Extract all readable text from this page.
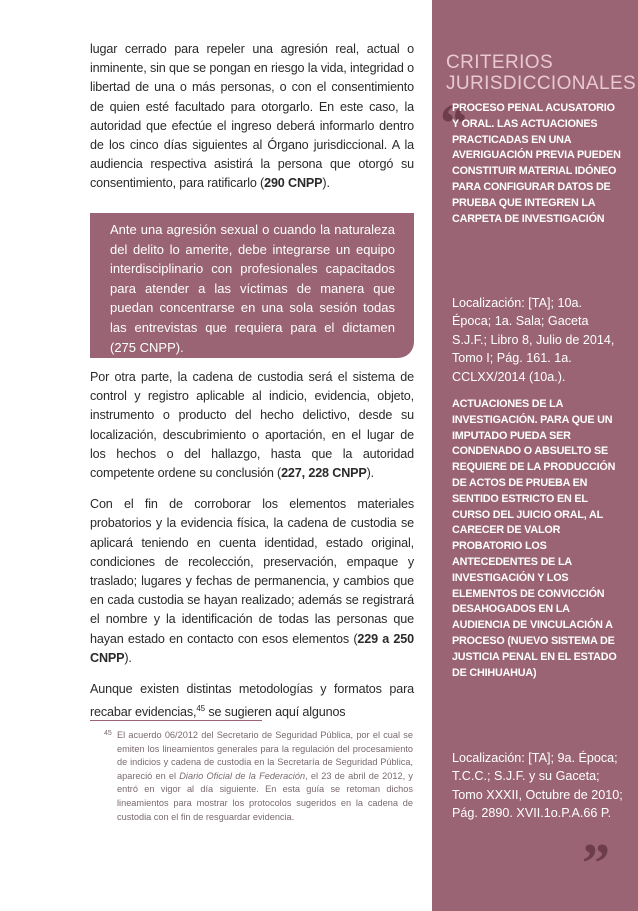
lugar cerrado para repeler una agresión real, actual o inminente, sin que se pongan en riesgo la vida, integridad o libertad de una o más personas, o con el consentimiento de quien esté facultado para otorgarlo. En este caso, la autoridad que efectúe el ingreso deberá informarlo dentro de los cinco días siguientes al Órgano jurisdiccional. A la audiencia respectiva asistirá la persona que otorgó su consentimiento, para ratificarlo (290 CNPP).

Ante una agresión sexual o cuando la naturaleza del delito lo amerite, debe integrarse un equipo interdisciplinario con profesionales capacitados para atender a las víctimas de manera que puedan concentrarse en una sola sesión todas las entrevistas que requiera para el dictamen (275 CNPP).

Por otra parte, la cadena de custodia será el sistema de control y registro aplicable al indicio, evidencia, objeto, instrumento o producto del hecho delictivo, desde su localización, descubrimiento o aportación, en el lugar de los hechos o del hallazgo, hasta que la autoridad competente ordene su conclusión (227, 228 CNPP).

Con el fin de corroborar los elementos materiales probatorios y la evidencia física, la cadena de custodia se aplicará teniendo en cuenta identidad, estado original, condiciones de recolección, preservación, empaque y traslado; lugares y fechas de permanencia, y cambios que en cada custodia se hayan realizado; además se registrará el nombre y la identificación de todas las personas que hayan estado en contacto con esos elementos (229 a 250 CNPP).

Aunque existen distintas metodologías y formatos para recabar evidencias,$^{45}$ se sugieren aquí algunos

45 El acuerdo 06/2012 del Secretario de Seguridad Pública, por el cual se emiten los lineamientos generales para la regulación del procesamiento de indicios y cadena de custodia en la Secretaría de Seguridad Pública, apareció en el Diario Oficial de la Federación, el 23 de abril de 2012, y entró en vigor al día siguiente. En esta guía se retoman dichos lineamientos para mostrar los protocolos sugeridos en la cadena de custodia con el fin de resguardar evidencia.

CRITERIOS JURISDICCIONALES

“

PROCESO PENAL ACUSATORIO Y ORAL. LAS ACTUACIONES PRACTICADAS EN UNA AVERIGUACIÓN PREVIA PUEDEN CONSTITUIR MATERIAL IDÓNEO PARA CONFIGURAR DATOS DE PRUEBA QUE INTEGREN LA CARPETA DE INVESTIGACIÓN

Localización: [TA]; 10a. Época; 1a. Sala; Gaceta S.J.F.; Libro 8, Julio de 2014, Tomo I; Pág. 161. 1a. CCLXX/2014 (10a.).

ACTUACIONES DE LA INVESTIGACIÓN. PARA QUE UN IMPUTADO PUEDA SER CONDENADO O ABSUELTO SE REQUIERE DE LA PRODUCCIÓN DE ACTOS DE PRUEBA EN SENTIDO ESTRICTO EN EL CURSO DEL JUICIO ORAL, AL CARECER DE VALOR PROBATORIO LOS ANTECEDENTES DE LA INVESTIGACIÓN Y LOS ELEMENTOS DE CONVICCIÓN DESAHOGADOS EN LA AUDIENCIA DE VINCULACIÓN A PROCESO (NUEVO SISTEMA DE JUSTICIA PENAL EN EL ESTADO DE CHIHUAHUA)

Localización: [TA]; 9a. Época; T.C.C.; S.J.F. y su Gaceta; Tomo XXXII, Octubre de 2010; Pág. 2890. XVII.1o.P.A.66 P.

”
